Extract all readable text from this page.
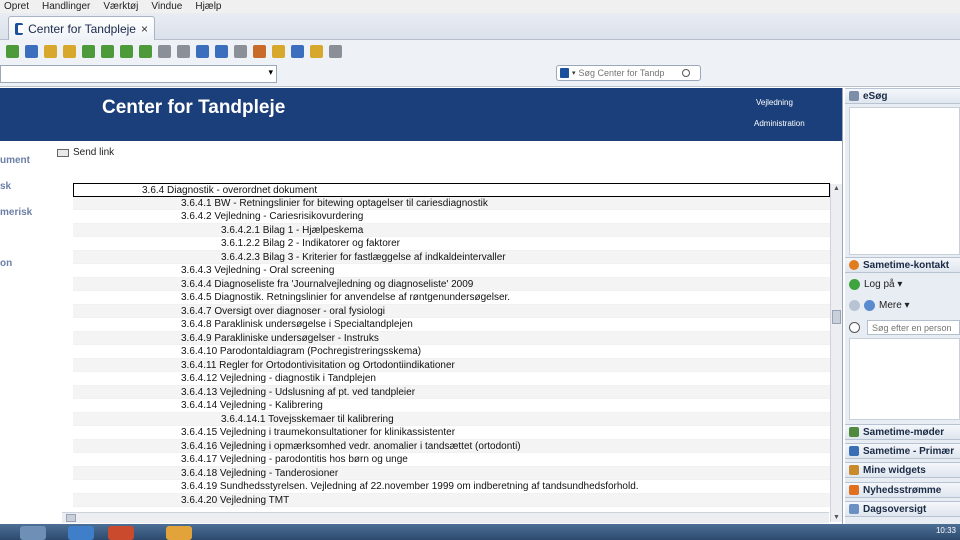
Opret Handlinger Værktøj Vindue Hjælp
Center for Tandpleje ×
▾	▾
Søg Center for Tandp
Center for Tandpleje	Vejledning
Administration
ument
sk
merisk
on
Send link
3.6.4 Diagnostik - overordnet dokument
3.6.4.1 BW - Retningslinier for bitewing optagelser til cariesdiagnostik
3.6.4.2 Vejledning - Cariesrisikovurdering
3.6.4.2.1 Bilag 1 - Hjælpeskema
3.6.1.2.2 Bilag 2 - Indikatorer og faktorer
3.6.4.2.3 Bilag 3 - Kriterier for fastlæggelse af indkaldeintervaller
3.6.4.3 Vejledning - Oral screening
3.6.4.4 Diagnoseliste fra 'Journalvejledning og diagnoseliste' 2009
3.6.4.5 Diagnostik. Retningslinier for anvendelse af røntgenundersøgelser.
3.6.4.7 Oversigt over diagnoser - oral fysiologi
3.6.4.8 Paraklinisk undersøgelse i Specialtandplejen
3.6.4.9 Parakliniske undersøgelser - Instruks
3.6.4.10 Parodontaldiagram (Pochregistreringsskema)
3.6.4.11 Regler for Ortodontivisitation og Ortodontiindikationer
3.6.4.12 Vejledning - diagnostik i Tandplejen
3.6.4.13 Vejledning - Udslusning af pt. ved tandpleier
3.6.4.14 Vejledning - Kalibrering
3.6.4.14.1 Tovejsskemaer til kalibrering
3.6.4.15 Vejledning i traumekonsultationer for klinikassistenter
3.6.4.16 Vejledning i opmærksomhed vedr. anomalier i tandsættet (ortodonti)
3.6.4.17 Vejledning - parodontitis hos børn og unge
3.6.4.18 Vejledning - Tanderosioner
3.6.4.19 Sundhedsstyrelsen. Vejledning af 22.november 1999 om indberetning af tandsundhedsforhold.
3.6.4.20 Vejledning TMT
▲
▼
eSøg
Sametime-kontakt
Log på ▾
Mere ▾
Søg efter en person
Sametime-møder
Sametime - Primær
Mine widgets
Nyhedsstrømme
Dagsoversigt
10:33
